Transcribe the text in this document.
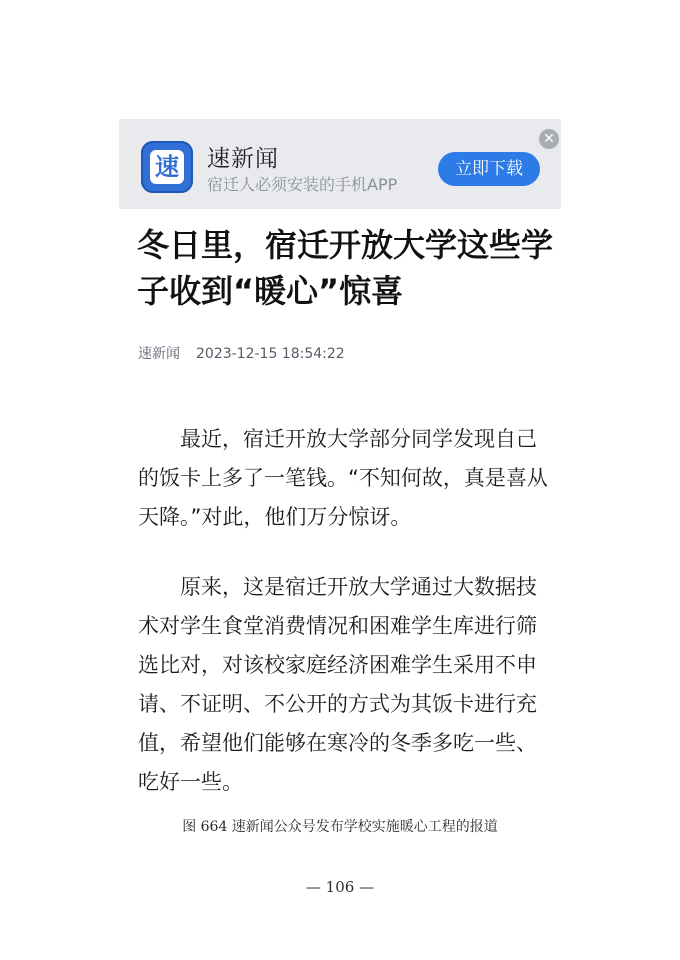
速 速新闻
宿迁人必须安装的手机APP
立即下载
✕
冬日里，宿迁开放大学这些学子收到“暖心”惊喜
速新闻 2023-12-15 18:54:22

最近，宿迁开放大学部分同学发现自己的饭卡上多了一笔钱。“不知何故，真是喜从天降。”对此，他们万分惊讶。

原来，这是宿迁开放大学通过大数据技术对学生食堂消费情况和困难学生库进行筛选比对，对该校家庭经济困难学生采用不申请、不证明、不公开的方式为其饭卡进行充值，希望他们能够在寒冷的冬季多吃一些、吃好一些。

图 664 速新闻公众号发布学校实施暖心工程的报道
— 106 —
